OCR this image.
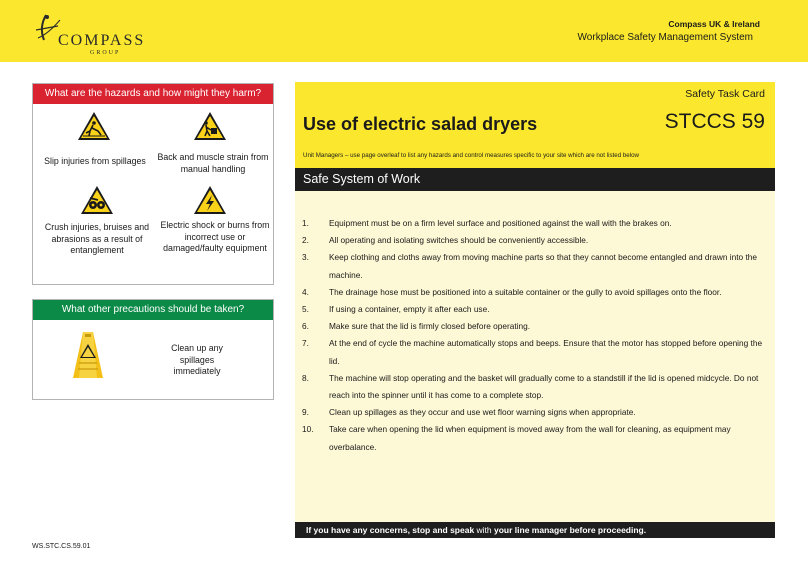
COMPASS
GROUP
Compass UK & Ireland
Workplace Safety Management System
What are the hazards and how might they harm?
Slip injuries from spillages	Back and muscle strain from manual handling
Crush injuries, bruises and abrasions as a result of entanglement
Electric shock or burns from incorrect use or damaged/faulty equipment
What other precautions should be taken?
Clean up any spillages immediately
Safety Task Card
Use of electric salad dryers	STCCS 59
Unit Managers – use page overleaf to list any hazards and control measures specific to your site which are not listed below
Safe System of Work
1. Equipment must be on a firm level surface and positioned against the wall with the brakes on.
2. All operating and isolating switches should be conveniently accessible.
3. Keep clothing and cloths away from moving machine parts so that they cannot become entangled and drawn into the machine.
4. The drainage hose must be positioned into a suitable container or the gully to avoid spillages onto the floor.
5. If using a container, empty it after each use.
6. Make sure that the lid is firmly closed before operating.
7. At the end of cycle the machine automatically stops and beeps. Ensure that the motor has stopped before opening the lid.
8. The machine will stop operating and the basket will gradually come to a standstill if the lid is opened midcycle. Do not reach into the spinner until it has come to a complete stop.
9. Clean up spillages as they occur and use wet floor warning signs when appropriate.
10. Take care when opening the lid when equipment is moved away from the wall for cleaning, as equipment may overbalance.
If you have any concerns, stop and speak with your line manager before proceeding.
WS.STC.CS.59.01
